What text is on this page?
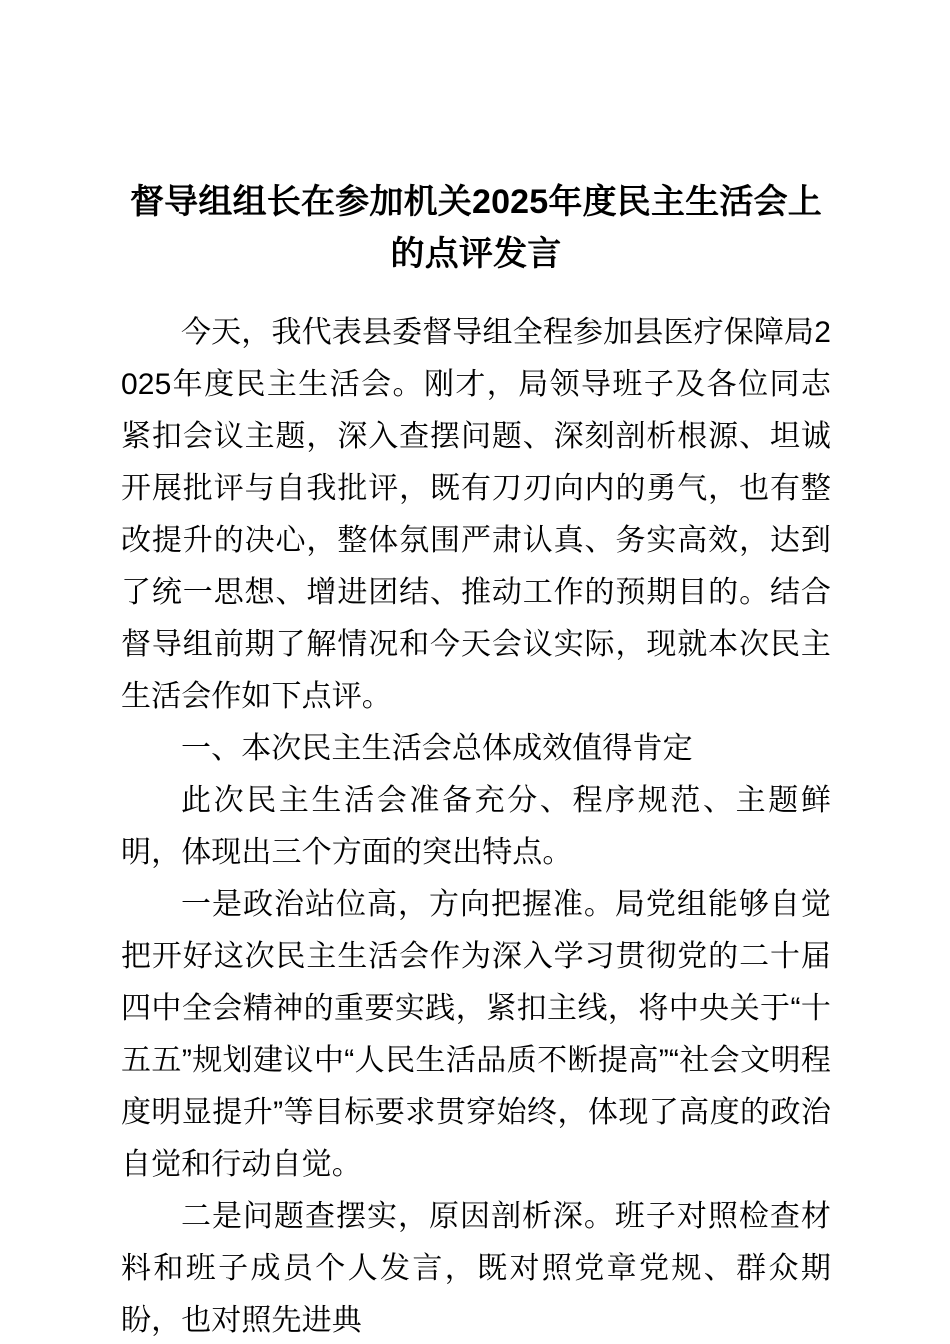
督导组组长在参加机关2025年度民主生活会上的点评发言

今天，我代表县委督导组全程参加县医疗保障局2025年度民主生活会。刚才，局领导班子及各位同志紧扣会议主题，深入查摆问题、深刻剖析根源、坦诚开展批评与自我批评，既有刀刃向内的勇气，也有整改提升的决心，整体氛围严肃认真、务实高效，达到了统一思想、增进团结、推动工作的预期目的。结合督导组前期了解情况和今天会议实际，现就本次民主生活会作如下点评。

一、本次民主生活会总体成效值得肯定

此次民主生活会准备充分、程序规范、主题鲜明，体现出三个方面的突出特点。

一是政治站位高，方向把握准。局党组能够自觉把开好这次民主生活会作为深入学习贯彻党的二十届四中全会精神的重要实践，紧扣主线，将中央关于“十五五”规划建议中“人民生活品质不断提高”“社会文明程度明显提升”等目标要求贯穿始终，体现了高度的政治自觉和行动自觉。

二是问题查摆实，原因剖析深。班子对照检查材料和班子成员个人发言，既对照党章党规、群众期盼，也对照先进典
